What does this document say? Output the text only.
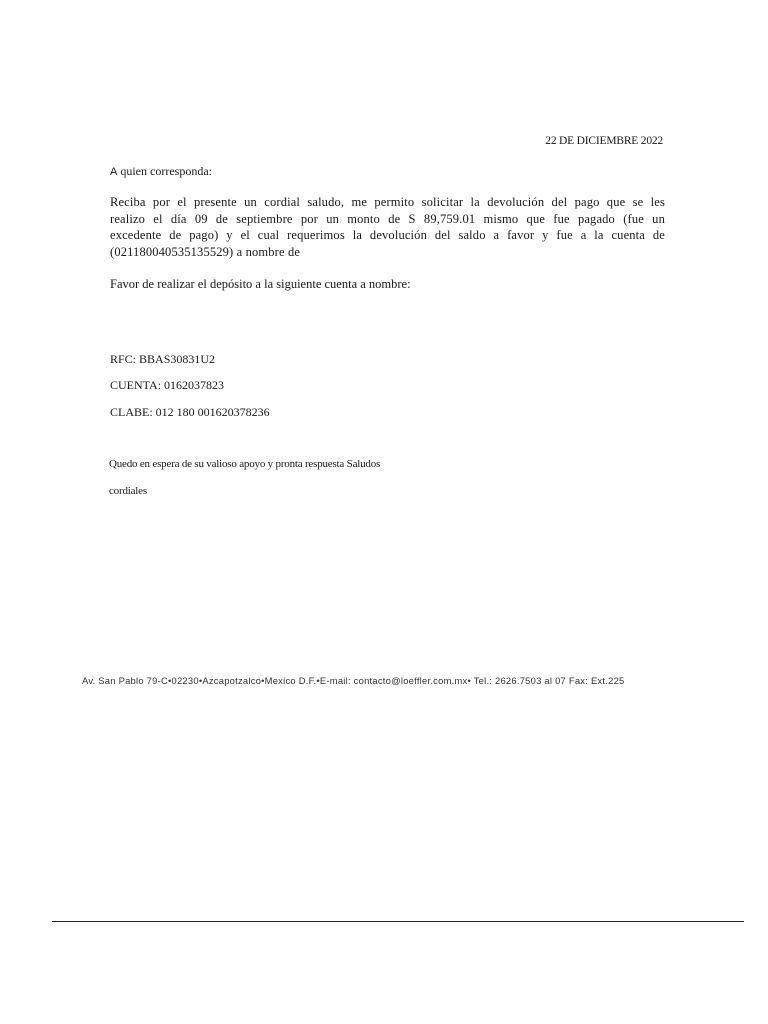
22 DE DICIEMBRE 2022
A quien corresponda:
Reciba por el presente un cordial saludo, me permito solicitar la devolución del pago que se les
realizo el día 09 de septiembre por un monto de S 89,759.01 mismo que fue pagado (fue un
excedente de pago) y el cual requerimos la devolución del saldo a favor y fue a la cuenta de
(021180040535135529) a nombre de
Favor de realizar el depósito a la siguiente cuenta a nombre:
RFC: BBAS30831U2
CUENTA: 0162037823
CLABE: 012 180 001620378236
Quedo en espera de su valioso apoyo y pronta respuesta Saludos
cordiales
Av. San Pablo 79-C•02230•Azcapotzalco•Mexico D.F.•E-mail: contacto@loeffler.com.mx• Tel.: 2626.7503 al 07 Fax: Ext.225
